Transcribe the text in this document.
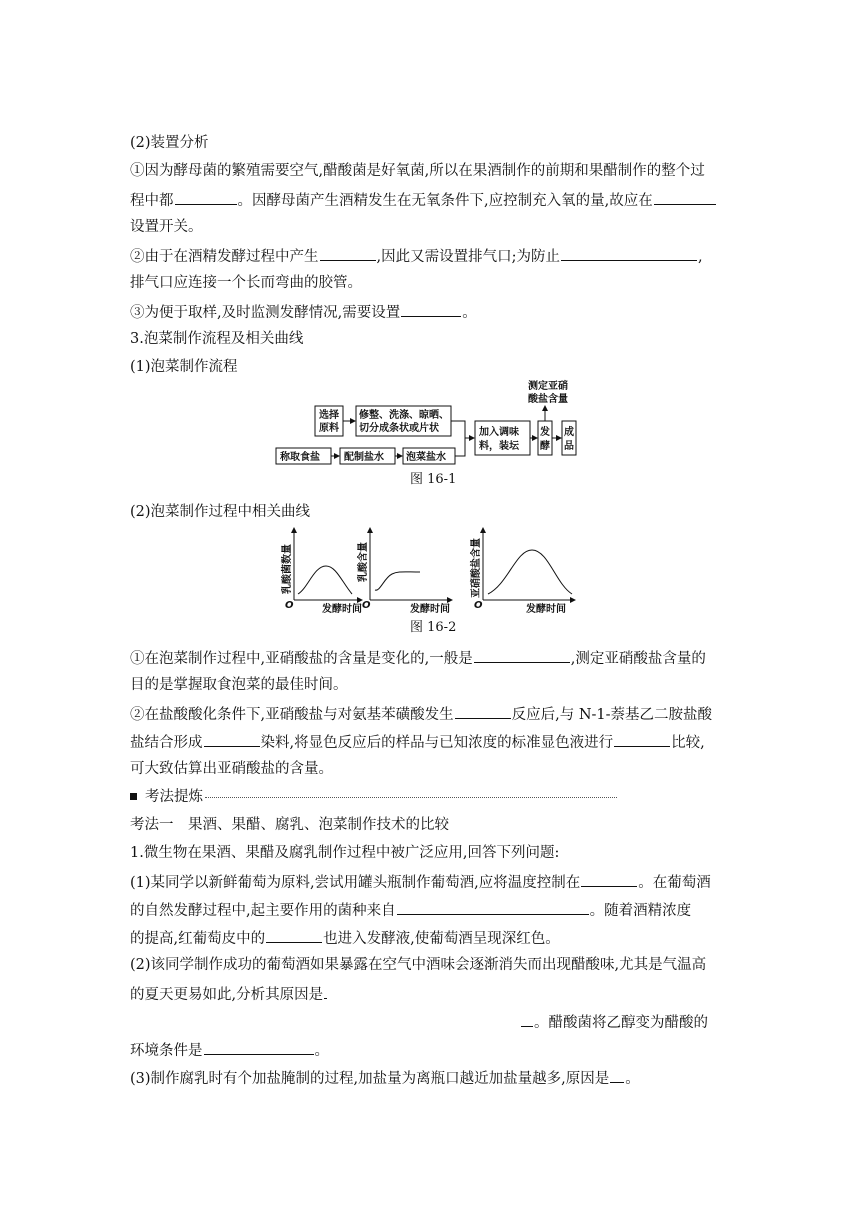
(2)装置分析
①因为酵母菌的繁殖需要空气,醋酸菌是好氧菌,所以在果酒制作的前期和果醋制作的整个过
程中都	。因酵母菌产生酒精发生在无氧条件下,应控制充入氧的量,故应在
设置开关。
②由于在酒精发酵过程中产生	,因此又需设置排气口;为防止	,
排气口应连接一个长而弯曲的胶管。
③为便于取样,及时监测发酵情况,需要设置	。
3.泡菜制作流程及相关曲线
(1)泡菜制作流程
选择
原料
修整、洗涤、晾晒、
切分成条状或片状
称取食盐 配制盐水 泡菜盐水
加入调味
料，装坛
发
酵
成
品
测定亚硝
酸盐含量
图 16-1
(2)泡菜制作过程中相关曲线
乳酸菌数量	乳酸含量	亚硝酸盐含量
发酵时间	发酵时间	发酵时间
O	O	O
图 16-2
①在泡菜制作过程中,亚硝酸盐的含量是变化的,一般是	,测定亚硝酸盐含量的
目的是掌握取食泡菜的最佳时间。
②在盐酸酸化条件下,亚硝酸盐与对氨基苯磺酸发生	反应后,与 N-1-萘基乙二胺盐酸
盐结合形成	染料,将显色反应后的样品与已知浓度的标准显色液进行	比较,
可大致估算出亚硝酸盐的含量。
考法提炼
考法一　果酒、果醋、腐乳、泡菜制作技术的比较
1.微生物在果酒、果醋及腐乳制作过程中被广泛应用,回答下列问题:
(1)某同学以新鲜葡萄为原料,尝试用罐头瓶制作葡萄酒,应将温度控制在	。在葡萄酒
的自然发酵过程中,起主要作用的菌种来自	。随着酒精浓度
的提高,红葡萄皮中的	也进入发酵液,使葡萄酒呈现深红色。
(2)该同学制作成功的葡萄酒如果暴露在空气中酒味会逐渐消失而出现醋酸味,尤其是气温高
的夏天更易如此,分析其原因是
。醋酸菌将乙醇变为醋酸的
环境条件是	。
(3)制作腐乳时有个加盐腌制的过程,加盐量为离瓶口越近加盐量越多,原因是 。
